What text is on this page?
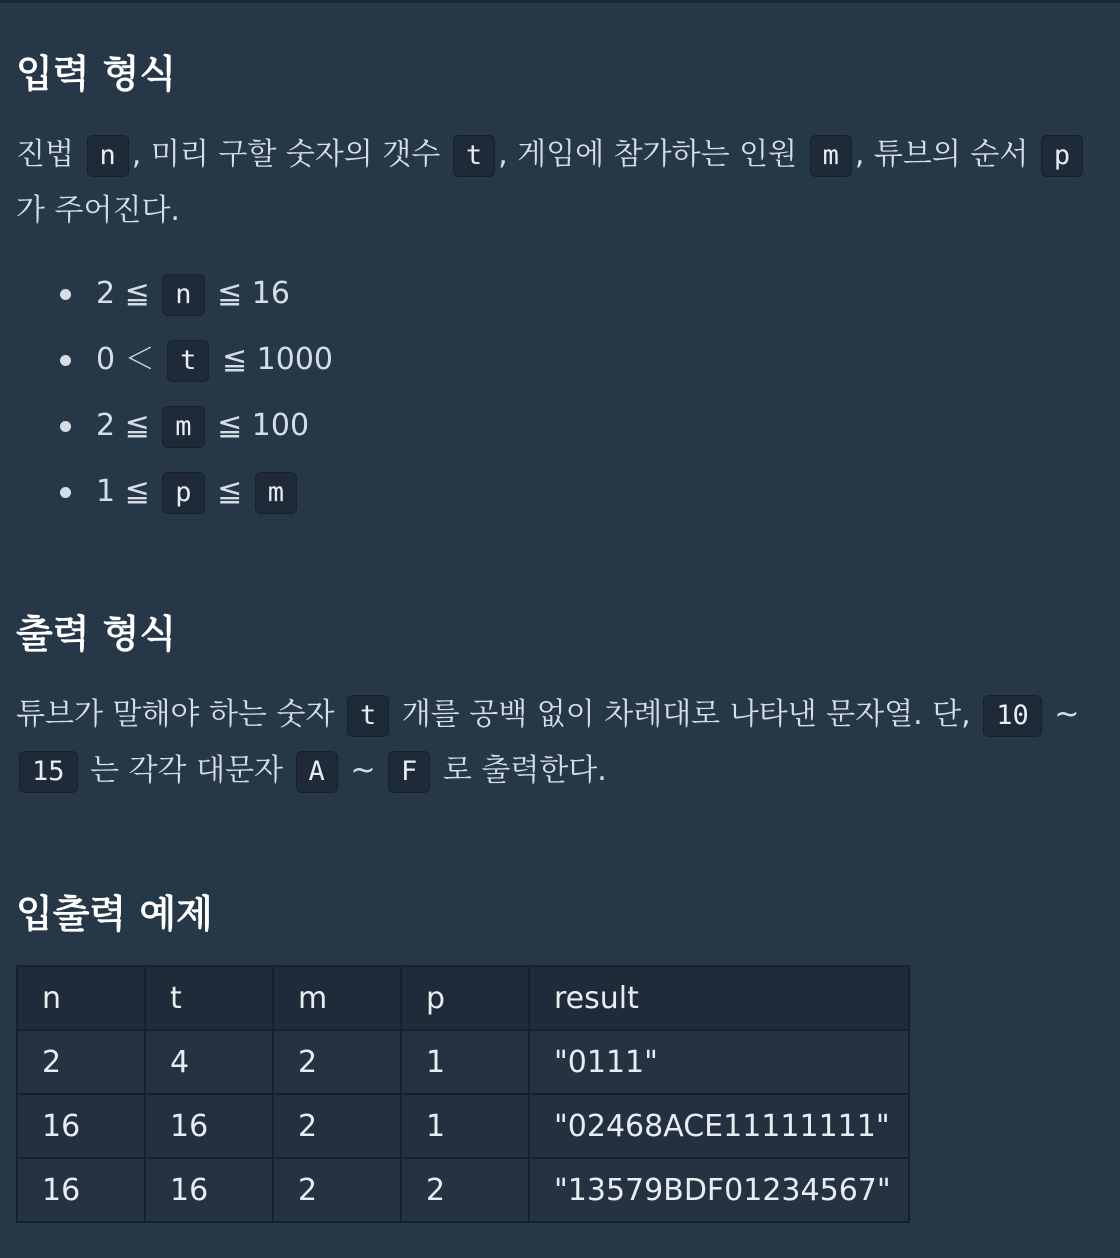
입력 형식
진법 n , 미리 구할 숫자의 갯수 t , 게임에 참가하는 인원 m , 튜브의 순서 p 가 주어진다.
2 ≦ n ≦ 16
0 ＜ t ≦ 1000
2 ≦ m ≦ 100
1 ≦ p ≦ m
출력 형식
튜브가 말해야 하는 숫자 t 개를 공백 없이 차례대로 나타낸 문자열. 단, 10 ~ 15 는 각각 대문자 A ~ F 로 출력한다.
입출력 예제
n	t	m	p	result
2	4	2	1	"0111"
16	16	2	1	"02468ACE11111111"
16	16	2	2	"13579BDF01234567"
